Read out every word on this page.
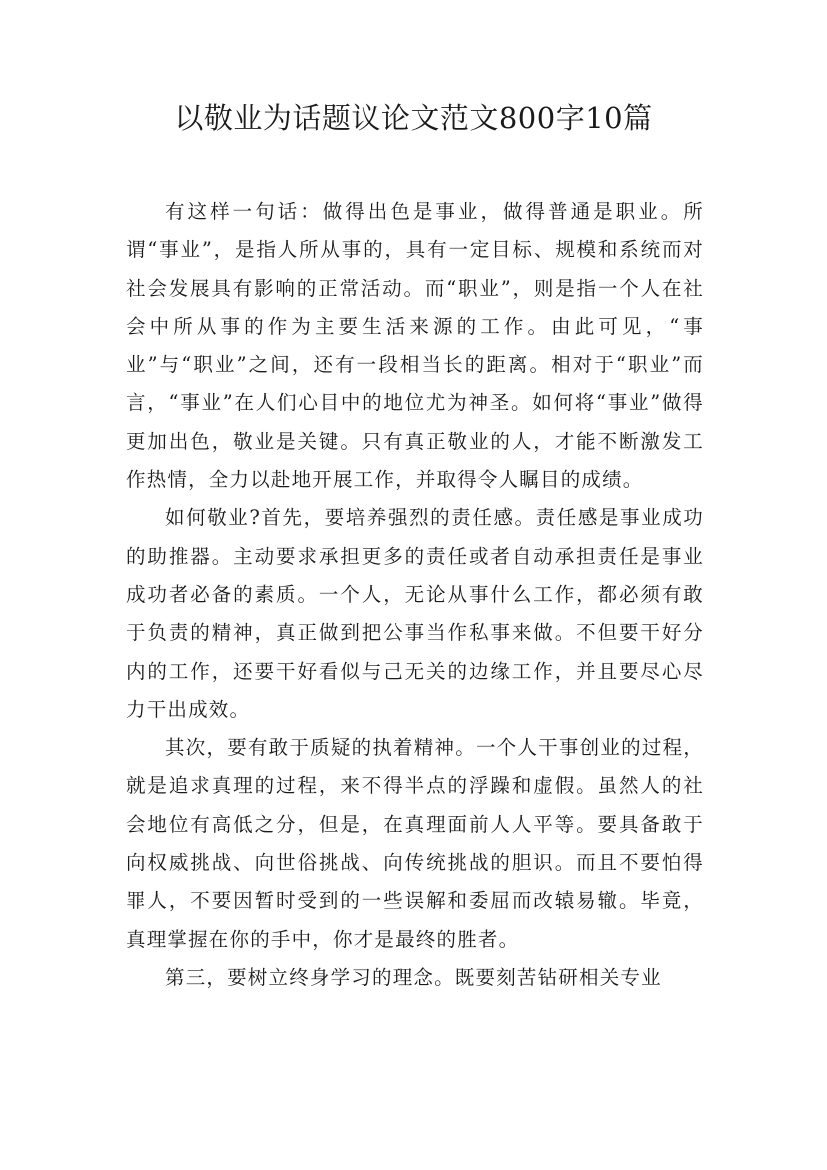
以敬业为话题议论文范文800字10篇

有这样一句话：做得出色是事业，做得普通是职业。所谓“事业”，是指人所从事的，具有一定目标、规模和系统而对社会发展具有影响的正常活动。而“职业”，则是指一个人在社会中所从事的作为主要生活来源的工作。由此可见，“事业”与“职业”之间，还有一段相当长的距离。相对于“职业”而言，“事业”在人们心目中的地位尤为神圣。如何将“事业”做得更加出色，敬业是关键。只有真正敬业的人，才能不断激发工作热情，全力以赴地开展工作，并取得令人瞩目的成绩。

如何敬业?首先，要培养强烈的责任感。责任感是事业成功的助推器。主动要求承担更多的责任或者自动承担责任是事业成功者必备的素质。一个人，无论从事什么工作，都必须有敢于负责的精神，真正做到把公事当作私事来做。不但要干好分内的工作，还要干好看似与己无关的边缘工作，并且要尽心尽力干出成效。

其次，要有敢于质疑的执着精神。一个人干事创业的过程，就是追求真理的过程，来不得半点的浮躁和虚假。虽然人的社会地位有高低之分，但是，在真理面前人人平等。要具备敢于向权威挑战、向世俗挑战、向传统挑战的胆识。而且不要怕得罪人，不要因暂时受到的一些误解和委屈而改辕易辙。毕竟，真理掌握在你的手中，你才是最终的胜者。

第三，要树立终身学习的理念。既要刻苦钻研相关专业
